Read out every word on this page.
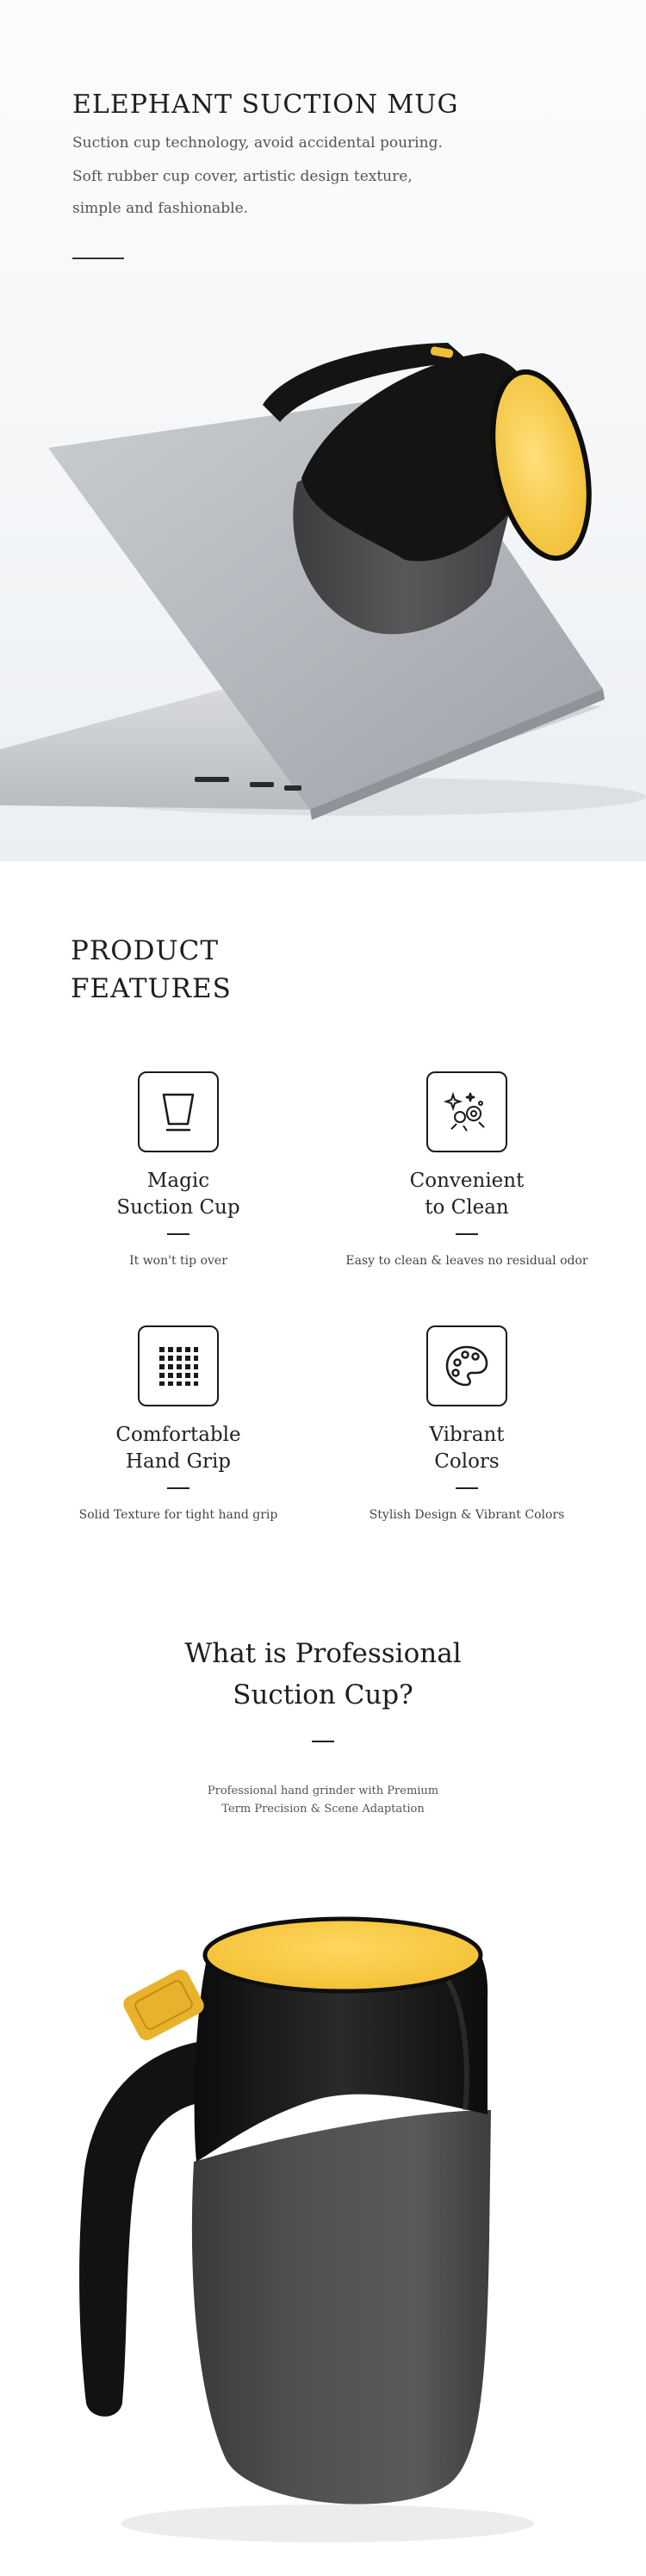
ELEPHANT SUCTION MUG

Suction cup technology, avoid accidental pouring.

Soft rubber cup cover, artistic design texture,

simple and fashionable.

PRODUCT
FEATURES
Magic
Suction Cup
It won't tip over
Convenient
to Clean
Easy to clean & leaves no residual odor
Comfortable
Hand Grip
Solid Texture for tight hand grip
Vibrant
Colors
Stylish Design & Vibrant Colors
What is Professional
Suction Cup?
Professional hand grinder with Premium
Term Precision & Scene Adaptation
